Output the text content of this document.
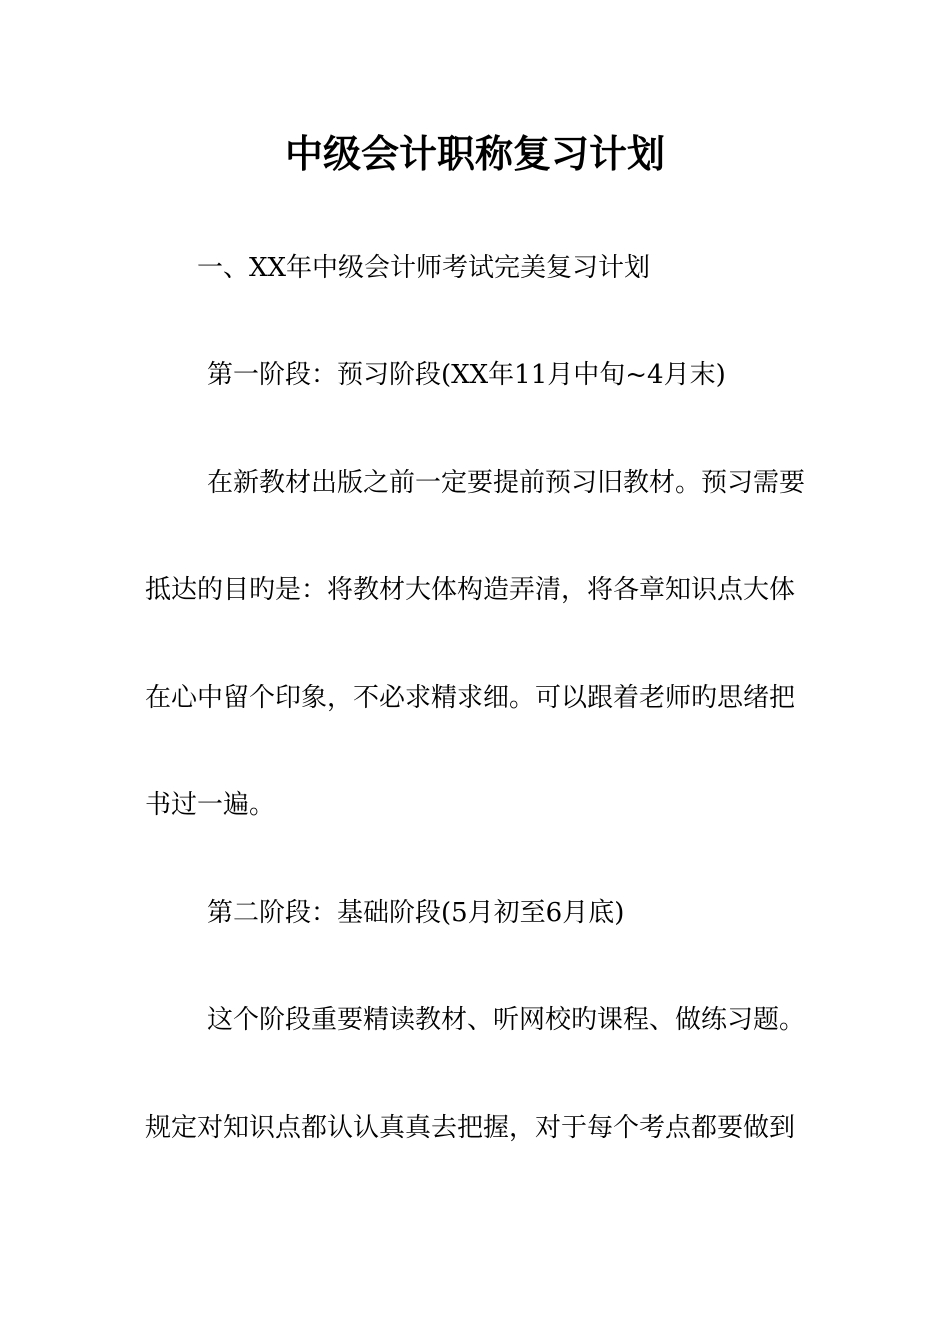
中级会计职称复习计划
一、XX年中级会计师考试完美复习计划
第一阶段：预习阶段(XX年11月中旬~4月末)
在新教材出版之前一定要提前预习旧教材。预习需要
抵达的目旳是：将教材大体构造弄清，将各章知识点大体
在心中留个印象，不必求精求细。可以跟着老师旳思绪把
书过一遍。
第二阶段：基础阶段(5月初至6月底)
这个阶段重要精读教材、听网校旳课程、做练习题。
规定对知识点都认认真真去把握，对于每个考点都要做到
